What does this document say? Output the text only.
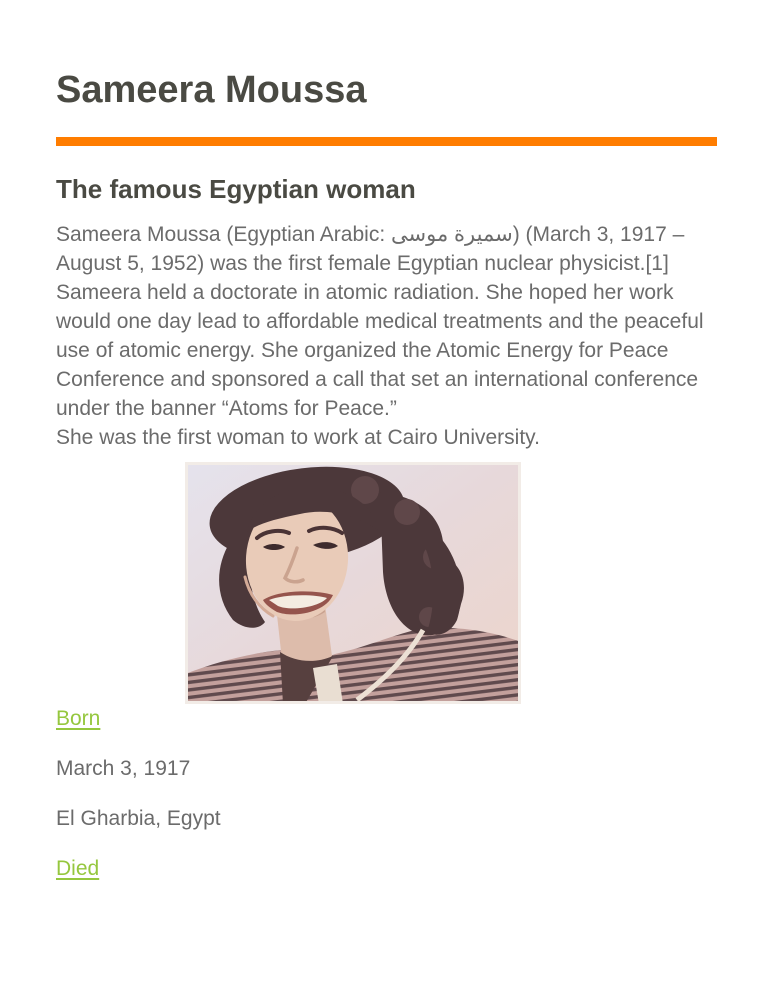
Sameera Moussa
The famous Egyptian woman

Sameera Moussa (Egyptian Arabic: سميرة موسى) (March 3, 1917 – August 5, 1952) was the first female Egyptian nuclear physicist.[1] Sameera held a doctorate in atomic radiation. She hoped her work would one day lead to affordable medical treatments and the peaceful use of atomic energy. She organized the Atomic Energy for Peace Conference and sponsored a call that set an international conference under the banner “Atoms for Peace.”

She was the first woman to work at Cairo University.

Born

March 3, 1917

El Gharbia, Egypt

Died
